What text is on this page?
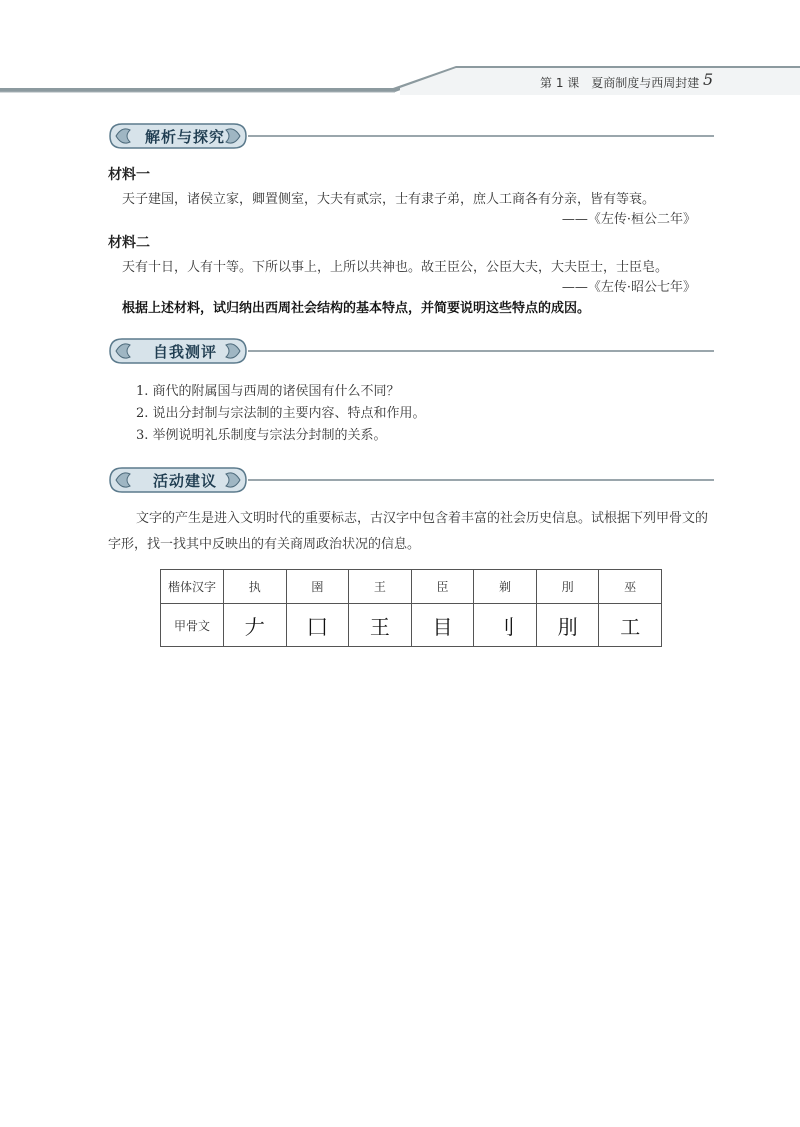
第 1 课　夏商制度与西周封建 5
解析与探究
材料一
天子建国，诸侯立家，卿置侧室，大夫有贰宗，士有隶子弟，庶人工商各有分亲，皆有等衰。
——《左传·桓公二年》
材料二
天有十日，人有十等。下所以事上，上所以共神也。故王臣公，公臣大夫，大夫臣士，士臣皂。
——《左传·昭公七年》
根据上述材料，试归纳出西周社会结构的基本特点，并简要说明这些特点的成因。
自我测评
1. 商代的附属国与西周的诸侯国有什么不同？
2. 说出分封制与宗法制的主要内容、特点和作用。
3. 举例说明礼乐制度与宗法分封制的关系。
活动建议
文字的产生是进入文明时代的重要标志，古汉字中包含着丰富的社会历史信息。试根据下列甲骨文的字形，找一找其中反映出的有关商周政治状况的信息。
楷体汉字	执	圉	王	臣	剃	刖	巫
甲骨文	𠂇	囗	王	目	刂	刖	工
